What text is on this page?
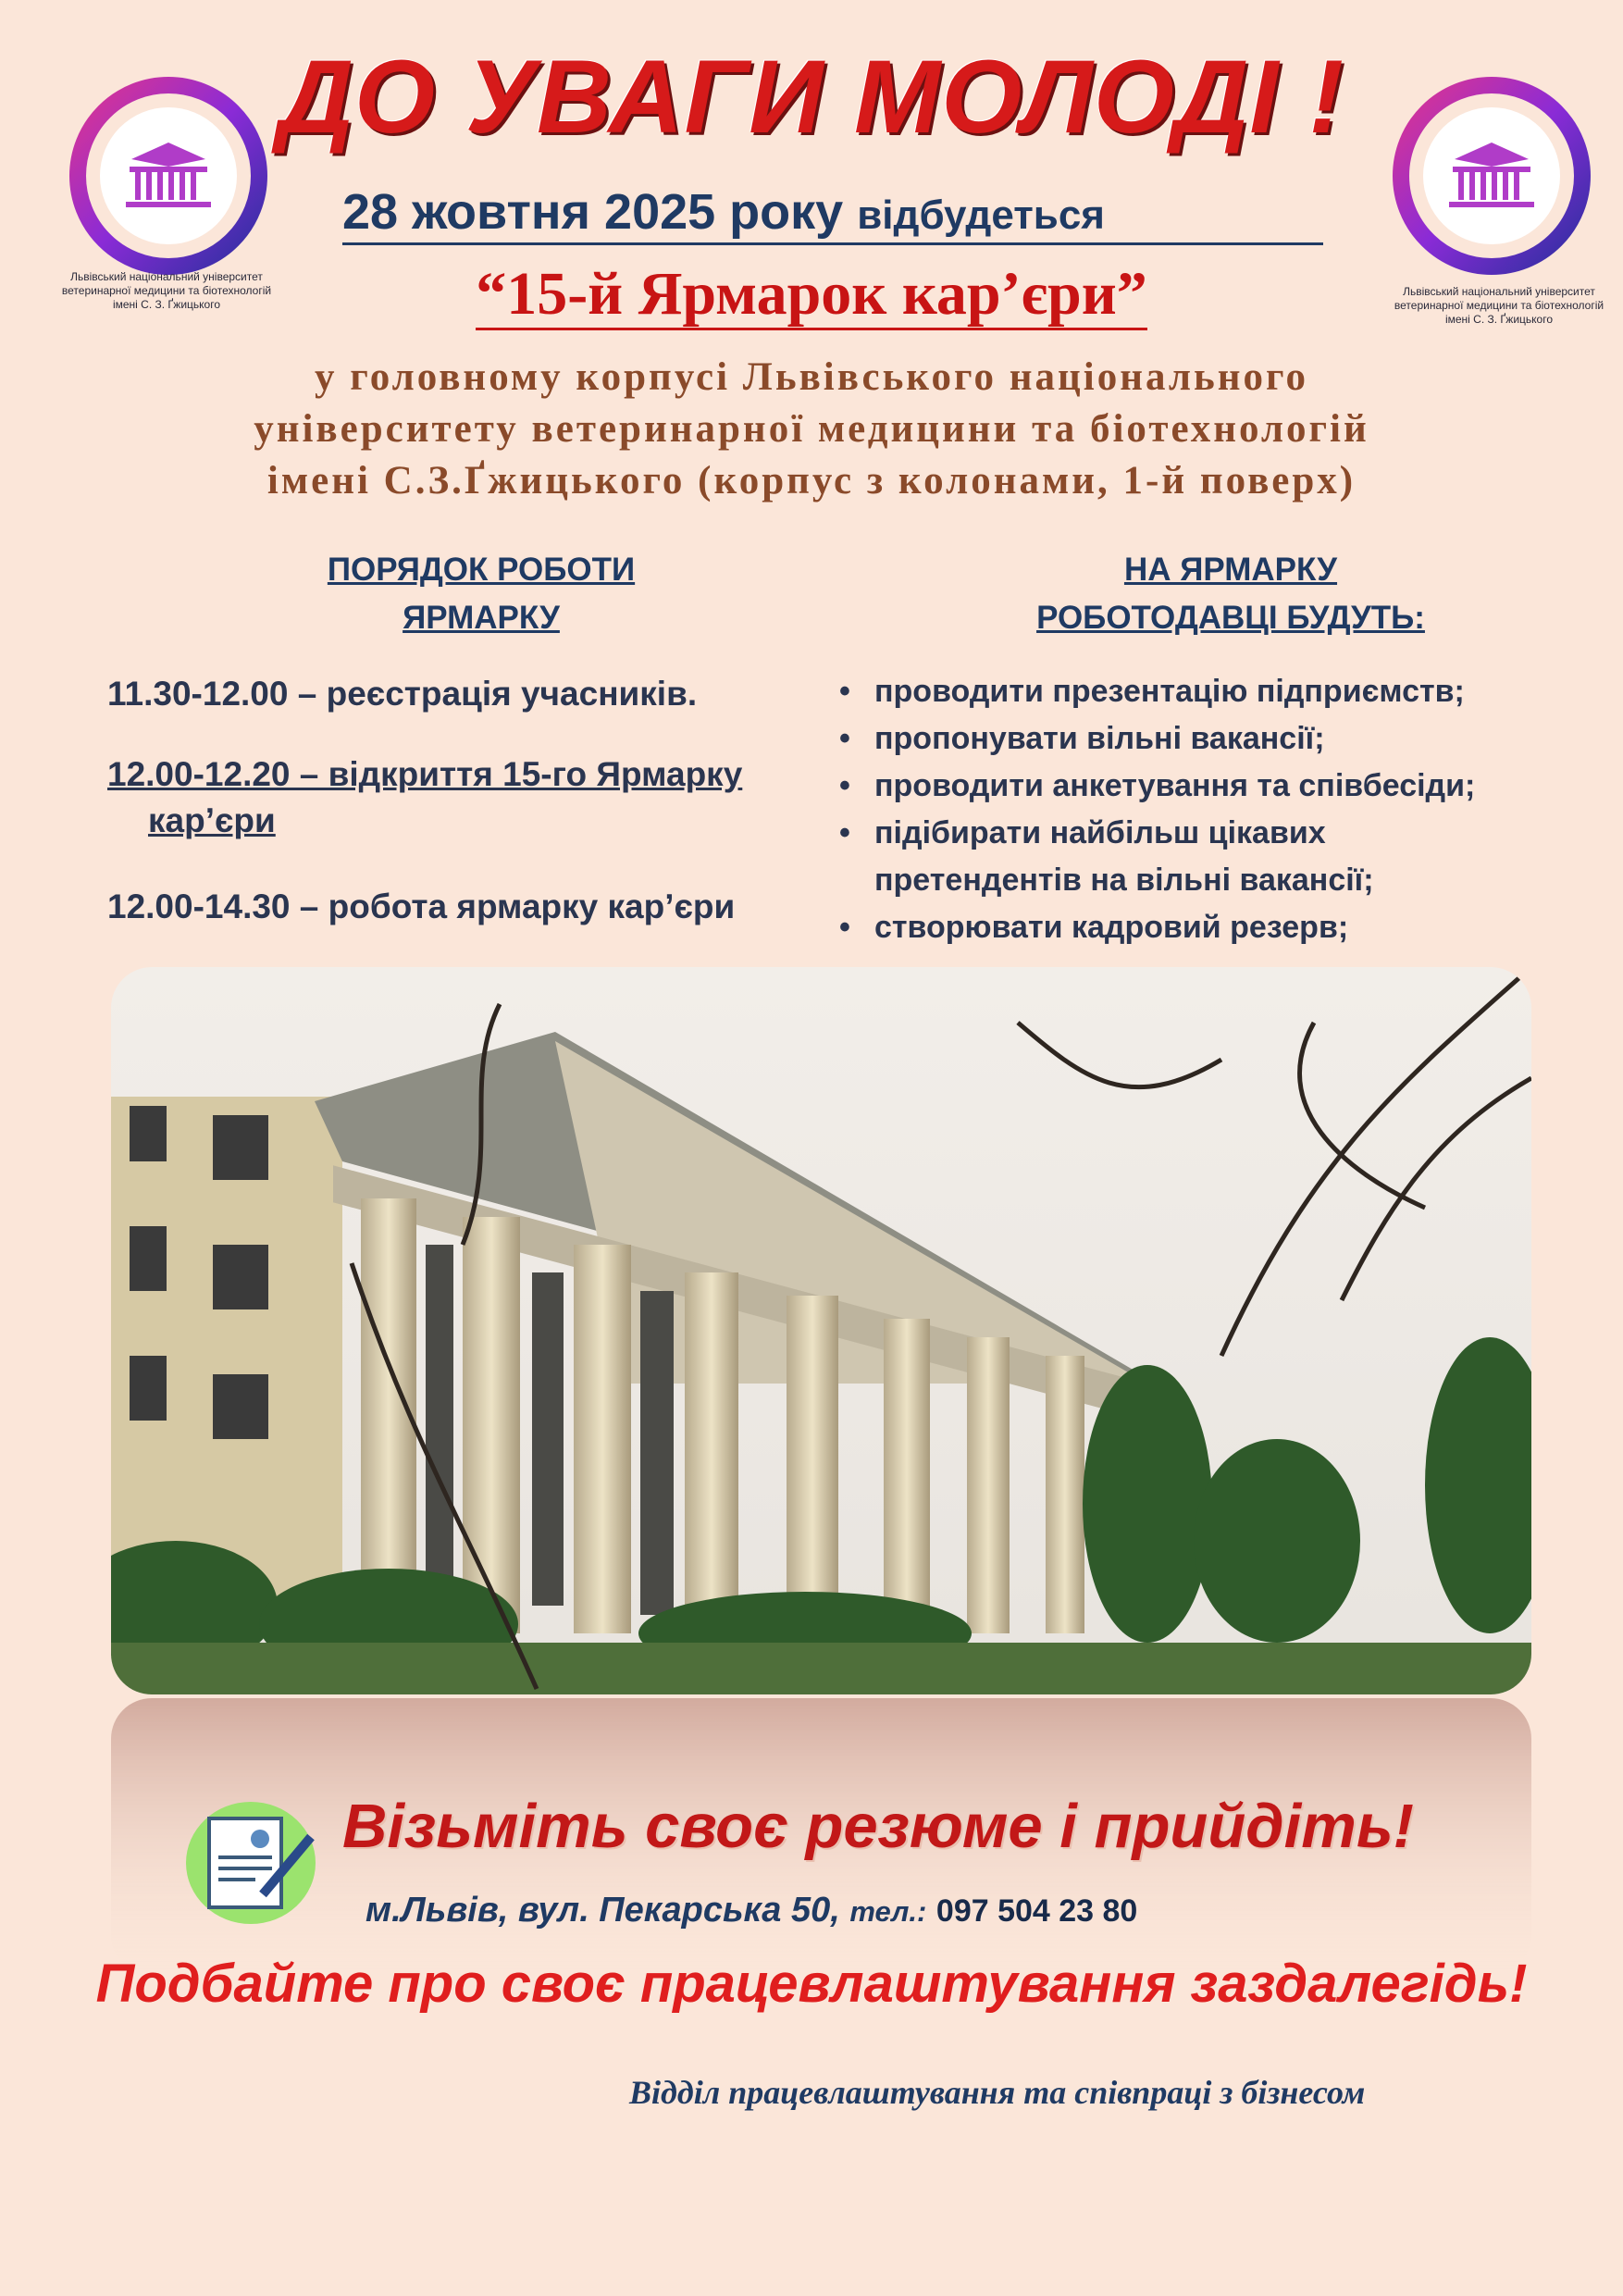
Львівський національний університет
ветеринарної медицини та біотехнологій
імені С. З. Ґжицького
Львівський національний університет
ветеринарної медицини та біотехнологій
імені С. З. Ґжицького
ДО УВАГИ МОЛОДІ !
28 жовтня 2025 року відбудеться
“15-й Ярмарок кар’єри”
у головному корпусі Львівського національного
університету ветеринарної медицини та біотехнологій
імені С.З.Ґжицького (корпус з колонами, 1-й поверх)
ПОРЯДОК РОБОТИ
ЯРМАРКУ
11.30-12.00 – реєстрація учасників.
12.00-12.20 – відкриття 15-го Ярмарку
кар’єри
12.00-14.30 – робота ярмарку кар’єри
НА ЯРМАРКУ
РОБОТОДАВЦІ БУДУТЬ:
• проводити презентацію підприємств;
• пропонувати вільні вакансії;
• проводити анкетування та співбесіди;
• підібирати найбільш цікавих претендентів на вільні вакансії;
• створювати кадровий резерв;
Візьміть своє резюме і прийдіть!
м.Львів, вул. Пекарська 50, тел.: 097 504 23 80
Подбайте про своє працевлаштування заздалегідь!
Відділ працевлаштування та співпраці з бізнесом
